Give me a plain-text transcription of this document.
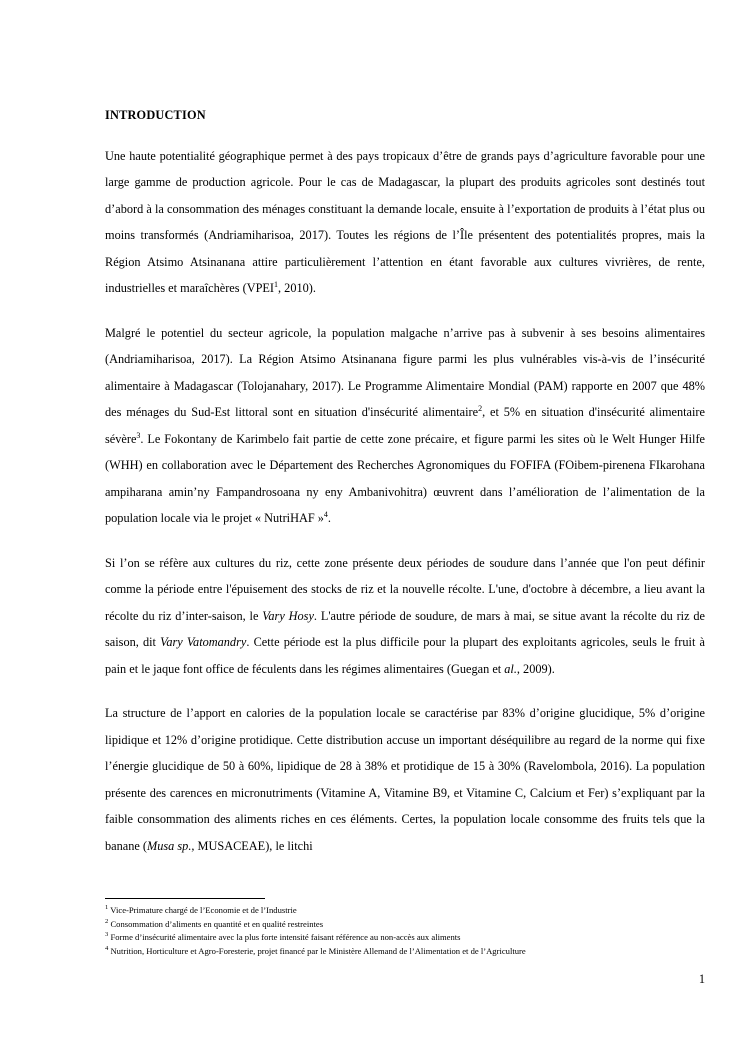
INTRODUCTION

Une haute potentialité géographique permet à des pays tropicaux d’être de grands pays d’agriculture favorable pour une large gamme de production agricole. Pour le cas de Madagascar, la plupart des produits agricoles sont destinés tout d’abord à la consommation des ménages constituant la demande locale, ensuite à l’exportation de produits à l’état plus ou moins transformés (Andriamiharisoa, 2017). Toutes les régions de l’Île présentent des potentialités propres, mais la Région Atsimo Atsinanana attire particulièrement l’attention en étant favorable aux cultures vivrières, de rente, industrielles et maraîchères (VPEI$^1$, 2010).

Malgré le potentiel du secteur agricole, la population malgache n’arrive pas à subvenir à ses besoins alimentaires (Andriamiharisoa, 2017). La Région Atsimo Atsinanana figure parmi les plus vulnérables vis-à-vis de l’insécurité alimentaire à Madagascar (Tolojanahary, 2017). Le Programme Alimentaire Mondial (PAM) rapporte en 2007 que 48% des ménages du Sud-Est littoral sont en situation d'insécurité alimentaire$^2$, et 5% en situation d'insécurité alimentaire sévère$^3$. Le Fokontany de Karimbelo fait partie de cette zone précaire, et figure parmi les sites où le Welt Hunger Hilfe (WHH) en collaboration avec le Département des Recherches Agronomiques du FOFIFA (FOibem-pirenena FIkarohana ampiharana amin’ny Fampandrosoana ny eny Ambanivohitra) œuvrent dans l’amélioration de l’alimentation de la population locale via le projet « NutriHAF »$^4$.

Si l’on se réfère aux cultures du riz, cette zone présente deux périodes de soudure dans l’année que l'on peut définir comme la période entre l'épuisement des stocks de riz et la nouvelle récolte. L'une, d'octobre à décembre, a lieu avant la récolte du riz d’inter-saison, le Vary Hosy. L'autre période de soudure, de mars à mai, se situe avant la récolte du riz de saison, dit Vary Vatomandry. Cette période est la plus difficile pour la plupart des exploitants agricoles, seuls le fruit à pain et le jaque font office de féculents dans les régimes alimentaires (Guegan et al., 2009).

La structure de l’apport en calories de la population locale se caractérise par 83% d’origine glucidique, 5% d’origine lipidique et 12% d’origine protidique. Cette distribution accuse un important déséquilibre au regard de la norme qui fixe l’énergie glucidique de 50 à 60%, lipidique de 28 à 38% et protidique de 15 à 30% (Ravelombola, 2016). La population présente des carences en micronutriments (Vitamine A, Vitamine B9, et Vitamine C, Calcium et Fer) s’expliquant par la faible consommation des aliments riches en ces éléments. Certes, la population locale consomme des fruits tels que la banane (Musa sp., MUSACEAE), le litchi

$^1$ Vice-Primature chargé de l’Economie et de l’Industrie
$^2$ Consommation d’aliments en quantité et en qualité restreintes
$^3$ Forme d’insécurité alimentaire avec la plus forte intensité faisant référence au non-accès aux aliments
$^4$ Nutrition, Horticulture et Agro-Foresterie, projet financé par le Ministère Allemand de l’Alimentation et de l’Agriculture
1
